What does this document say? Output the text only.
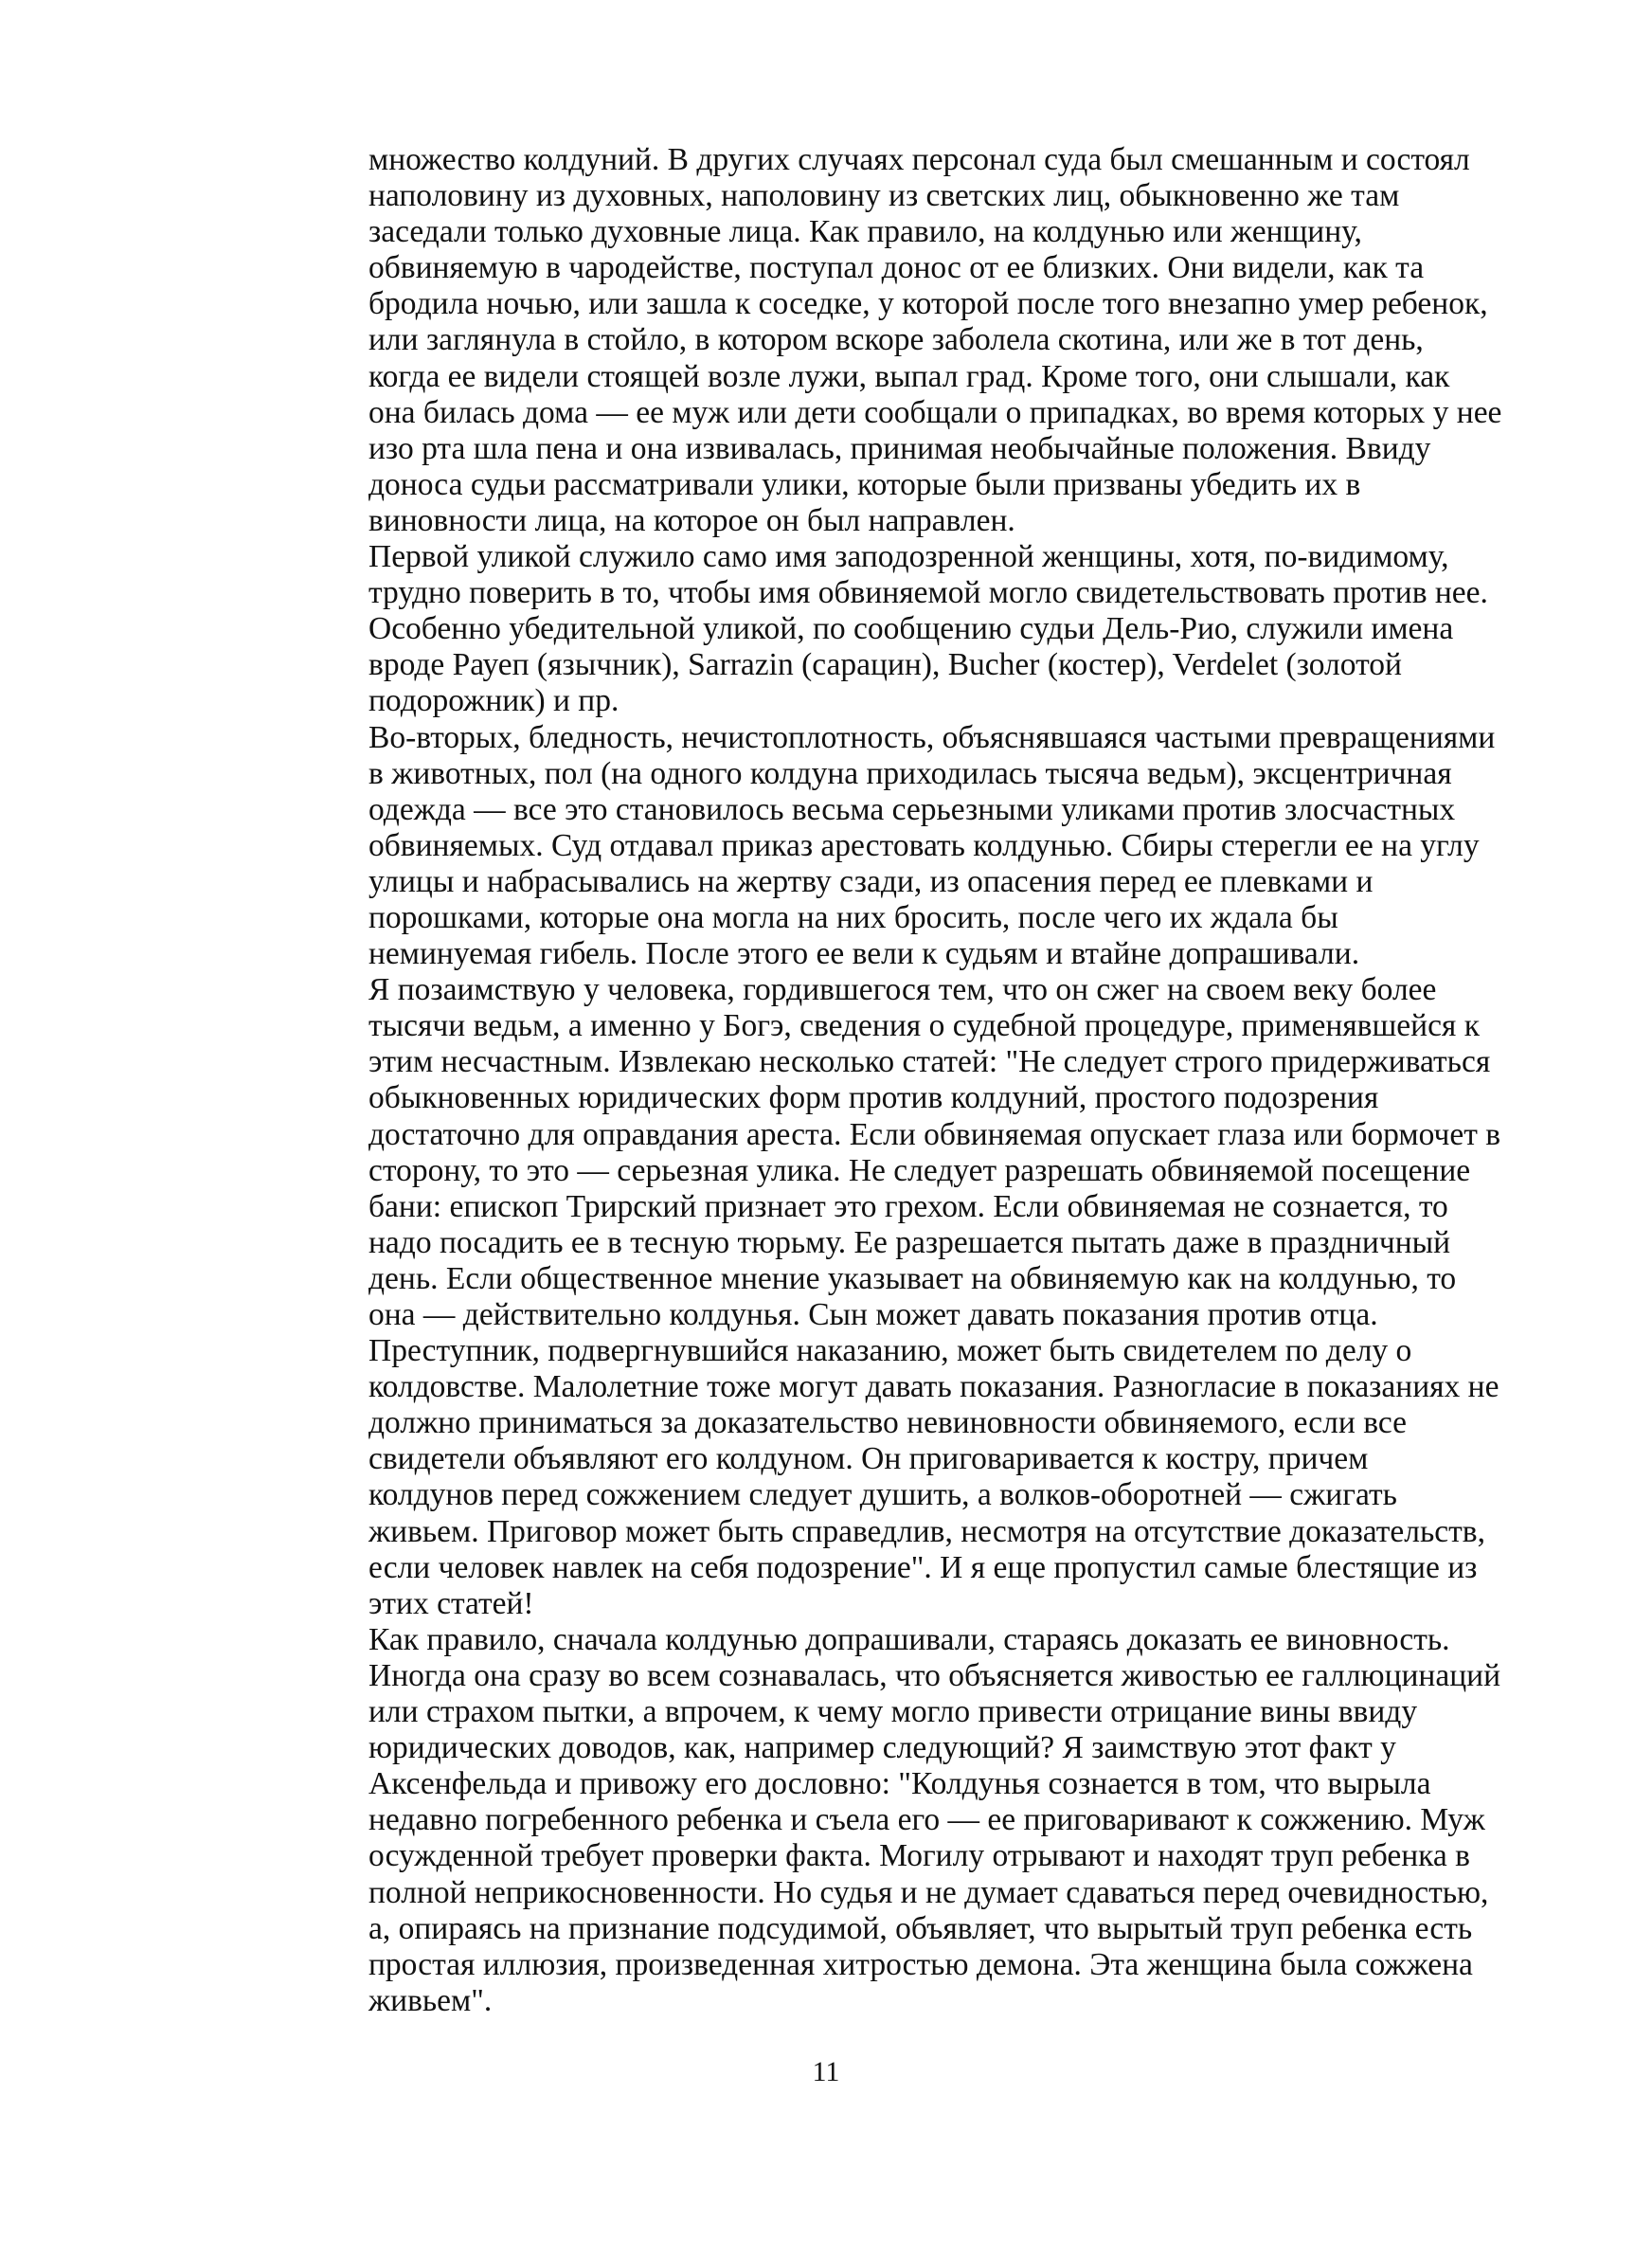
множество колдуний. В других случаях персонал суда был смешанным и состоял
наполовину из духовных, наполовину из светских лиц, обыкновенно же там
заседали только духовные лица. Как правило, на колдунью или женщину,
обвиняемую в чародействе, поступал донос от ее близких. Они видели, как та
бродила ночью, или зашла к соседке, у которой после того внезапно умер ребенок,
или заглянула в стойло, в котором вскоре заболела скотина, или же в тот день,
когда ее видели стоящей возле лужи, выпал град. Кроме того, они слышали, как
она билась дома — ее муж или дети сообщали о припадках, во время которых у нее
изо рта шла пена и она извивалась, принимая необычайные положения. Ввиду
доноса судьи рассматривали улики, которые были призваны убедить их в
виновности лица, на которое он был направлен.
Первой уликой служило само имя заподозренной женщины, хотя, по-видимому,
трудно поверить в то, чтобы имя обвиняемой могло свидетельствовать против нее.
Особенно убедительной уликой, по сообщению судьи Дель-Рио, служили имена
вроде Рауеп (язычник), Sarrazin (сарацин), Bucher (костер), Verdelet (золотой
подорожник) и пр.
Во-вторых, бледность, нечистоплотность, объяснявшаяся частыми превращениями
в животных, пол (на одного колдуна приходилась тысяча ведьм), эксцентричная
одежда — все это становилось весьма серьезными уликами против злосчастных
обвиняемых. Суд отдавал приказ арестовать колдунью. Сбиры стерегли ее на углу
улицы и набрасывались на жертву сзади, из опасения перед ее плевками и
порошками, которые она могла на них бросить, после чего их ждала бы
неминуемая гибель. После этого ее вели к судьям и втайне допрашивали.
Я позаимствую у человека, гордившегося тем, что он сжег на своем веку более
тысячи ведьм, а именно у Богэ, сведения о судебной процедуре, применявшейся к
этим несчастным. Извлекаю несколько статей: "Не следует строго придерживаться
обыкновенных юридических форм против колдуний, простого подозрения
достаточно для оправдания ареста. Если обвиняемая опускает глаза или бормочет в
сторону, то это — серьезная улика. Не следует разрешать обвиняемой посещение
бани: епископ Трирский признает это грехом. Если обвиняемая не сознается, то
надо посадить ее в тесную тюрьму. Ее разрешается пытать даже в праздничный
день. Если общественное мнение указывает на обвиняемую как на колдунью, то
она — действительно колдунья. Сын может давать показания против отца.
Преступник, подвергнувшийся наказанию, может быть свидетелем по делу о
колдовстве. Малолетние тоже могут давать показания. Разногласие в показаниях не
должно приниматься за доказательство невиновности обвиняемого, если все
свидетели объявляют его колдуном. Он приговаривается к костру, причем
колдунов перед сожжением следует душить, а волков-оборотней — сжигать
живьем. Приговор может быть справедлив, несмотря на отсутствие доказательств,
если человек навлек на себя подозрение". И я еще пропустил самые блестящие из
этих статей!
Как правило, сначала колдунью допрашивали, стараясь доказать ее виновность.
Иногда она сразу во всем сознавалась, что объясняется живостью ее галлюцинаций
или страхом пытки, а впрочем, к чему могло привести отрицание вины ввиду
юридических доводов, как, например следующий? Я заимствую этот факт у
Аксенфельда и привожу его дословно: "Колдунья сознается в том, что вырыла
недавно погребенного ребенка и съела его — ее приговаривают к сожжению. Муж
осужденной требует проверки факта. Могилу отрывают и находят труп ребенка в
полной неприкосновенности. Но судья и не думает сдаваться перед очевидностью,
а, опираясь на признание подсудимой, объявляет, что вырытый труп ребенка есть
простая иллюзия, произведенная хитростью демона. Эта женщина была сожжена
живьем".
11
